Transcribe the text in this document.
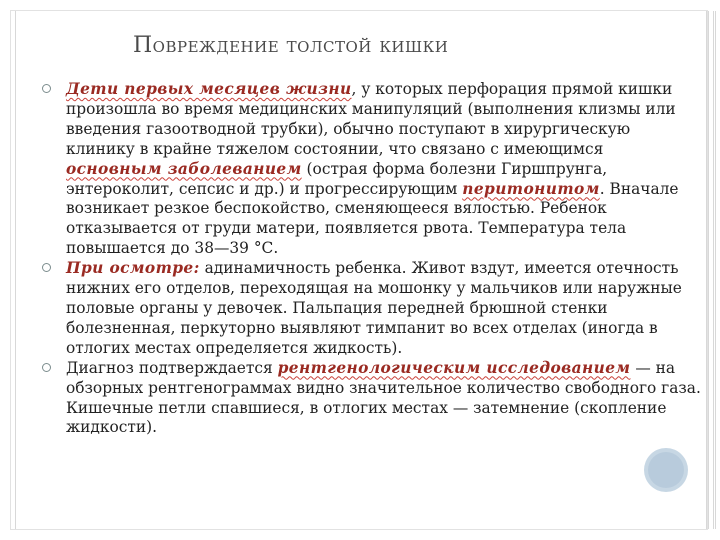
Повреждение толстой кишки
Дети первых месяцев жизни, у которых перфорация прямой кишки произошла во время медицинских манипуляций (выполнения клизмы или введения газоотводной трубки), обычно поступают в хирургическую клинику в крайне тяжелом состоянии, что связано с имеющимся основным заболеванием (острая форма болезни Гиршпрунга, энтероколит, сепсис и др.) и прогрессирующим перитонитом. Вначале возникает резкое беспокойство, сменяющееся вялостью. Ребенок отказывается от груди матери, появляется рвота. Температура тела повышается до 38—39 °С.
При осмотре: адинамичность ребенка. Живот вздут, имеется отечность нижних его отделов, переходящая на мошонку у мальчиков или наружные половые органы у девочек. Пальпация передней брюшной стенки болезненная, перкуторно выявляют тимпанит во всех отделах (иногда в отлогих местах определяется жидкость).
Диагноз подтверждается рентгенологическим исследованием — на обзорных рентгенограммах видно значительное количество свободного газа. Кишечные петли спавшиеся, в отлогих местах — затемнение (скопление жидкости).
